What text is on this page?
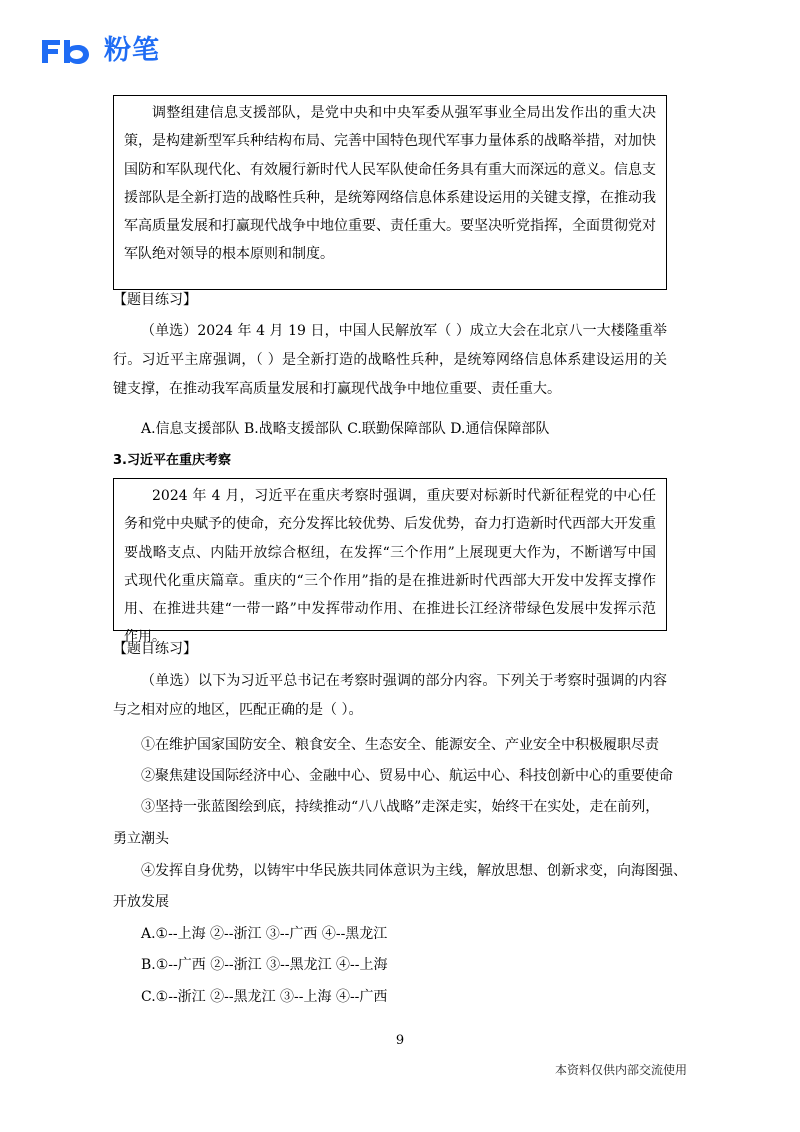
粉笔

调整组建信息支援部队，是党中央和中央军委从强军事业全局出发作出的重大决策，是构建新型军兵种结构布局、完善中国特色现代军事力量体系的战略举措，对加快国防和军队现代化、有效履行新时代人民军队使命任务具有重大而深远的意义。信息支援部队是全新打造的战略性兵种，是统筹网络信息体系建设运用的关键支撑，在推动我军高质量发展和打赢现代战争中地位重要、责任重大。要坚决听党指挥，全面贯彻党对军队绝对领导的根本原则和制度。

【题目练习】

（单选）2024 年 4 月 19 日，中国人民解放军（ ）成立大会在北京八一大楼隆重举行。习近平主席强调，（ ）是全新打造的战略性兵种，是统筹网络信息体系建设运用的关键支撑，在推动我军高质量发展和打赢现代战争中地位重要、责任重大。

A.信息支援部队 B.战略支援部队 C.联勤保障部队 D.通信保障部队
3.习近平在重庆考察

2024 年 4 月，习近平在重庆考察时强调，重庆要对标新时代新征程党的中心任务和党中央赋予的使命，充分发挥比较优势、后发优势，奋力打造新时代西部大开发重要战略支点、内陆开放综合枢纽，在发挥“三个作用”上展现更大作为，不断谱写中国式现代化重庆篇章。重庆的“三个作用”指的是在推进新时代西部大开发中发挥支撑作用、在推进共建“一带一路”中发挥带动作用、在推进长江经济带绿色发展中发挥示范作用。

【题目练习】

（单选）以下为习近平总书记在考察时强调的部分内容。下列关于考察时强调的内容与之相对应的地区，匹配正确的是（ ）。

①在维护国家国防安全、粮食安全、生态安全、能源安全、产业安全中积极履职尽责
②聚焦建设国际经济中心、金融中心、贸易中心、航运中心、科技创新中心的重要使命
③坚持一张蓝图绘到底，持续推动“八八战略”走深走实，始终干在实处，走在前列，
勇立潮头
④发挥自身优势，以铸牢中华民族共同体意识为主线，解放思想、创新求变，向海图强、
开放发展
A.①--上海 ②--浙江 ③--广西 ④--黑龙江
B.①--广西 ②--浙江 ③--黑龙江 ④--上海
C.①--浙江 ②--黑龙江 ③--上海 ④--广西
9
本资料仅供内部交流使用
